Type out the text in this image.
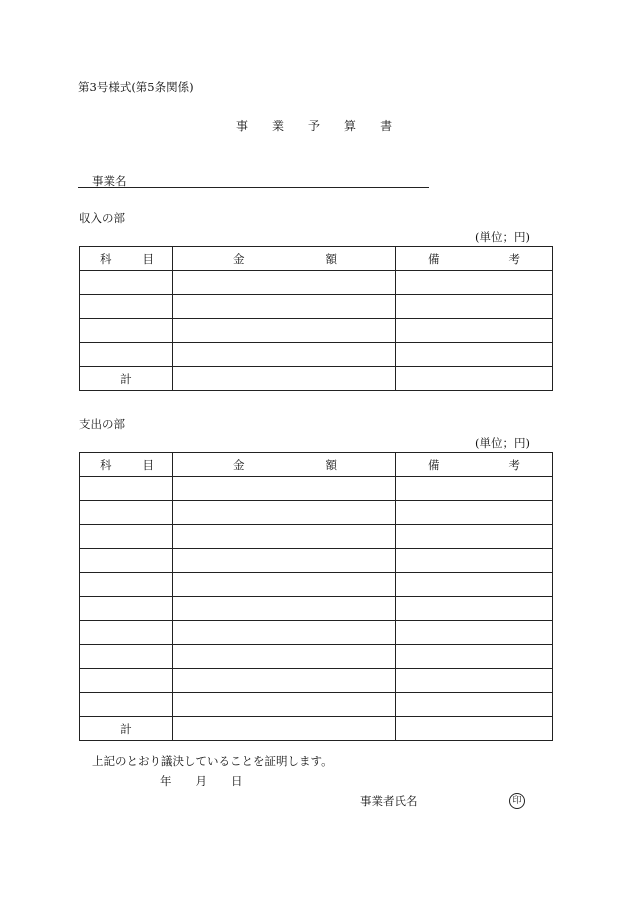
第3号様式(第5条関係)
事 業 予 算 書
事業名
収入の部
(単位；円)
科 目	金 額	備 考

計		
支出の部
(単位；円)
科 目	金 額	備 考

計		
上記のとおり議決していることを証明します。
年 月 日
事業者氏名	印
